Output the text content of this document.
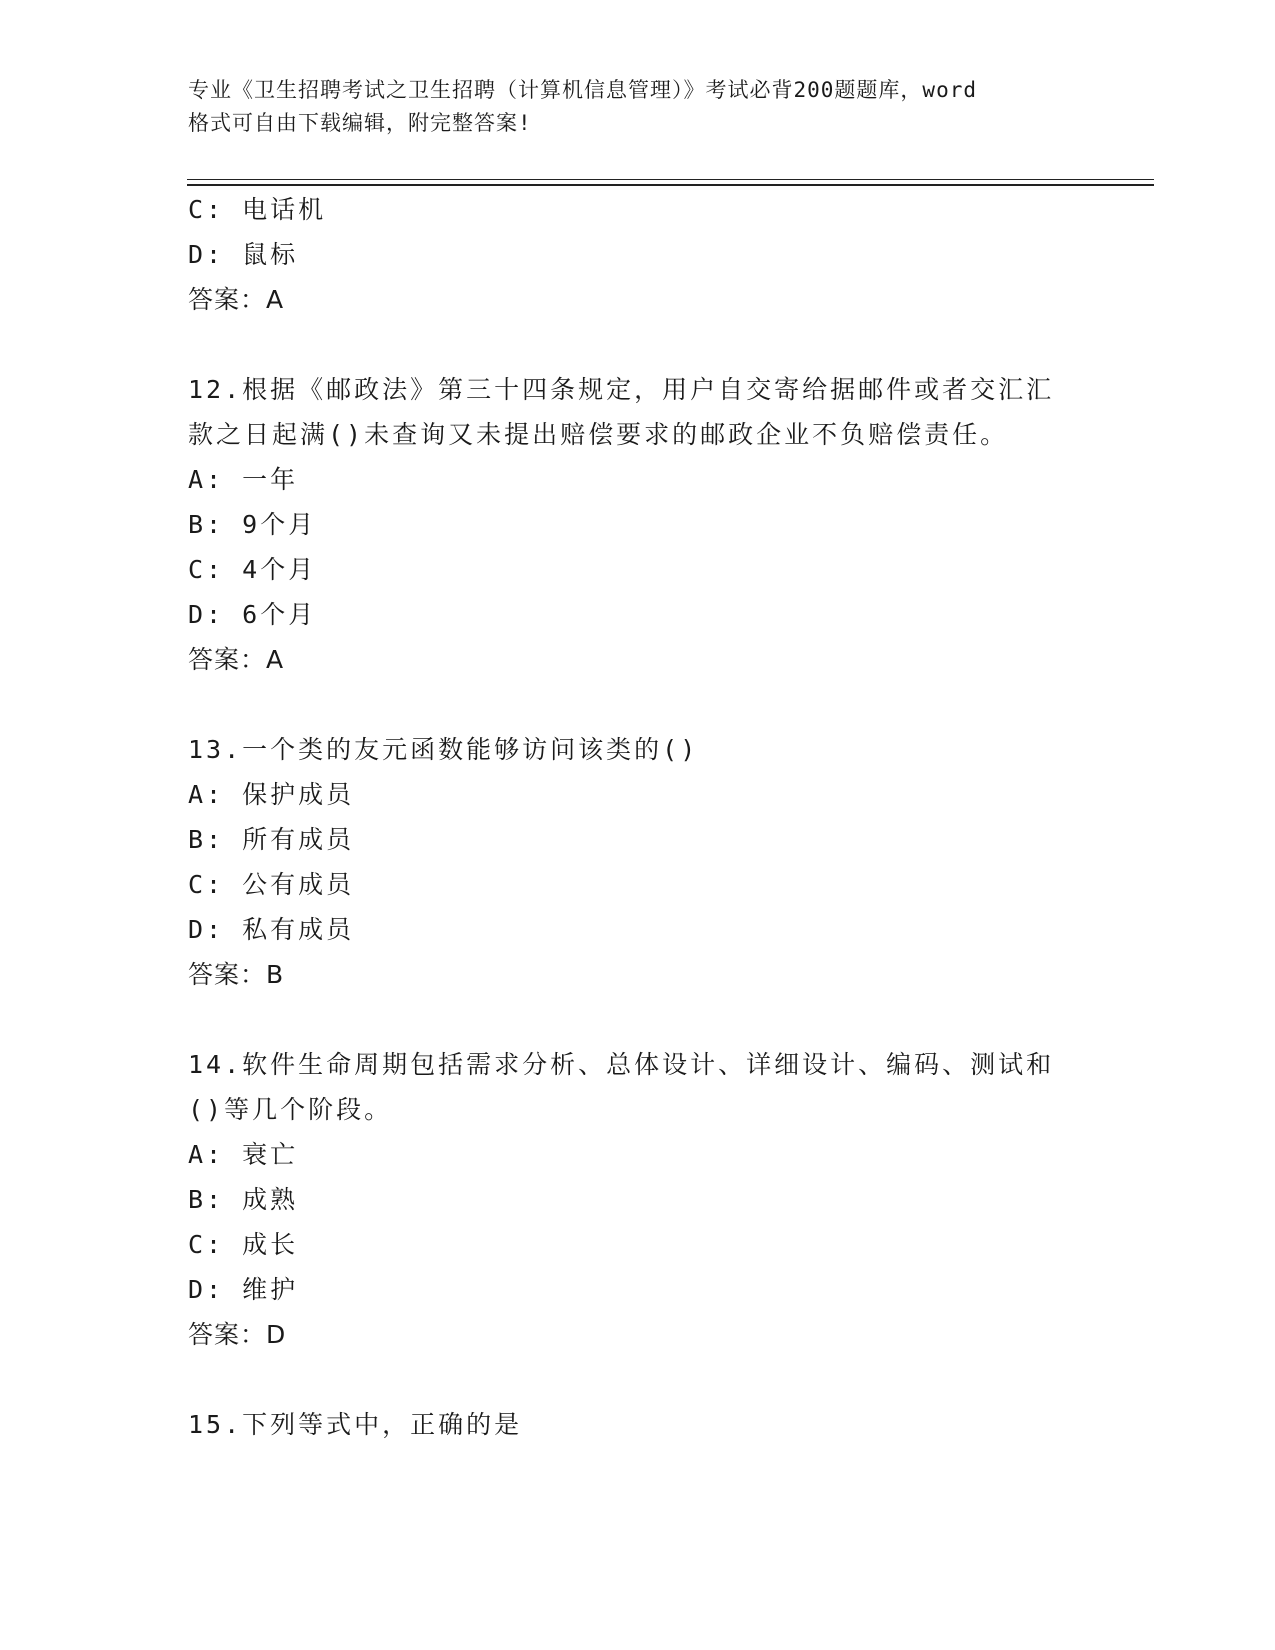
专业《卫生招聘考试之卫生招聘（计算机信息管理）》考试必背200题题库，word
格式可自由下载编辑，附完整答案!
C: 电话机
D: 鼠标
答案：A
12.根据《邮政法》第三十四条规定，用户自交寄给据邮件或者交汇汇
款之日起满()未查询又未提出赔偿要求的邮政企业不负赔偿责任。
A: 一年
B: 9个月
C: 4个月
D: 6个月
答案：A
13.一个类的友元函数能够访问该类的()
A: 保护成员
B: 所有成员
C: 公有成员
D: 私有成员
答案：B
14.软件生命周期包括需求分析、总体设计、详细设计、编码、测试和
()等几个阶段。
A: 衰亡
B: 成熟
C: 成长
D: 维护
答案：D
15.下列等式中，正确的是
